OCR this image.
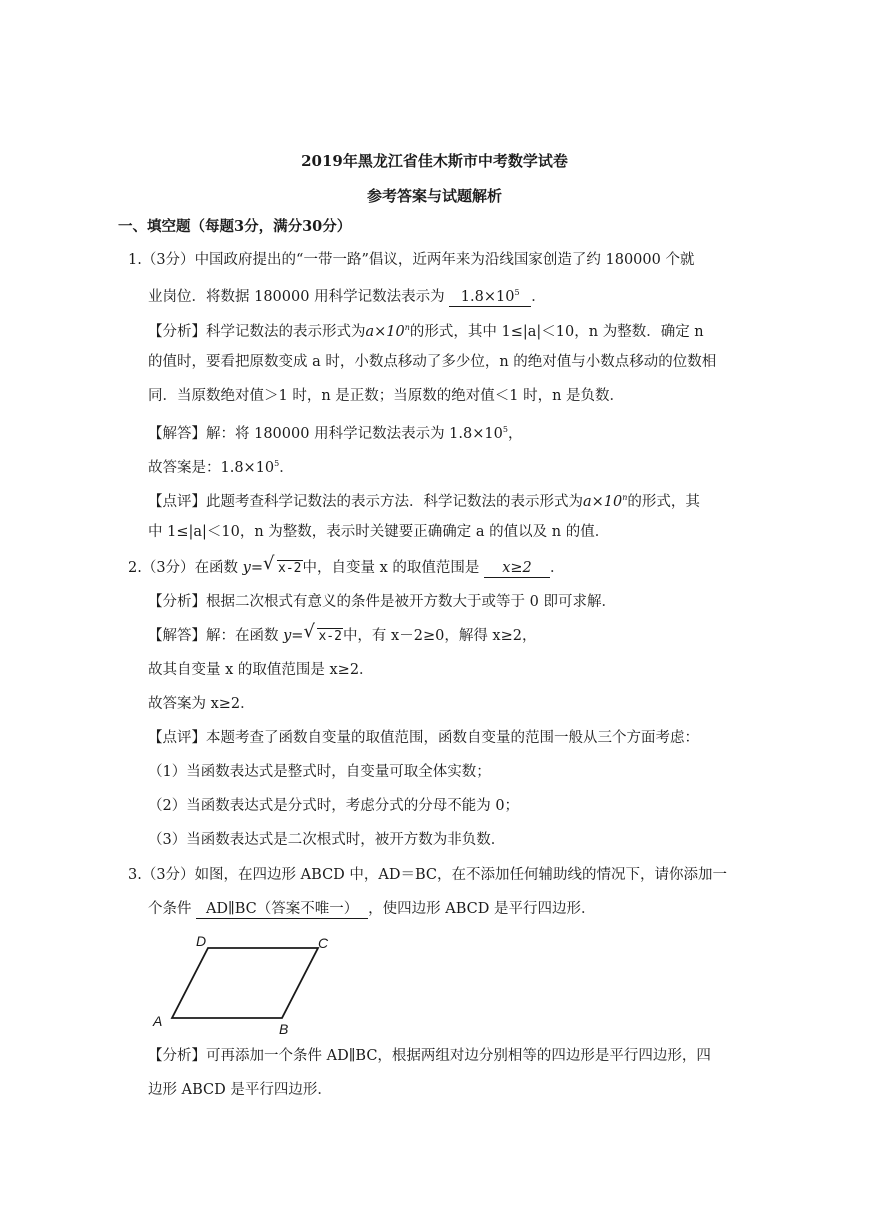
2019年黑龙江省佳木斯市中考数学试卷
参考答案与试题解析
一、填空题（每题3分，满分30分）
1.（3分）中国政府提出的“一带一路”倡议，近两年来为沿线国家创造了约 180000 个就
业岗位．将数据 180000 用科学记数法表示为 $1.8\times 10^5$ ．
【分析】科学记数法的表示形式为$a\times 10^n$的形式，其中 1≤|a|＜10，n 为整数．确定 n
的值时，要看把原数变成 a 时，小数点移动了多少位，n 的绝对值与小数点移动的位数相
同．当原数绝对值＞1 时，n 是正数；当原数的绝对值＜1 时，n 是负数．
【解答】解：将 180000 用科学记数法表示为 $1.8\times 10^5$，
故答案是：$1.8\times 10^5$．
【点评】此题考查科学记数法的表示方法．科学记数法的表示形式为$a\times 10^n$的形式，其
中 1≤|a|＜10，n 为整数，表示时关键要正确确定 a 的值以及 n 的值．
2.（3分）在函数 y= √ x-2中，自变量 x 的取值范围是 x≥2 ．
【分析】根据二次根式有意义的条件是被开方数大于或等于 0 即可求解．
【解答】解：在函数 y= √ x-2中，有 x－2≥0，解得 x≥2，
故其自变量 x 的取值范围是 x≥2．
故答案为 x≥2．
【点评】本题考查了函数自变量的取值范围，函数自变量的范围一般从三个方面考虑：
（1）当函数表达式是整式时，自变量可取全体实数；
（2）当函数表达式是分式时，考虑分式的分母不能为 0；
（3）当函数表达式是二次根式时，被开方数为非负数．
3.（3分）如图，在四边形 ABCD 中，AD＝BC，在不添加任何辅助线的情况下，请你添加一
个条件 AD∥BC（答案不唯一） ，使四边形 ABCD 是平行四边形．
A	B
C
D
【分析】可再添加一个条件 AD∥BC，根据两组对边分别相等的四边形是平行四边形，四
边形 ABCD 是平行四边形．
